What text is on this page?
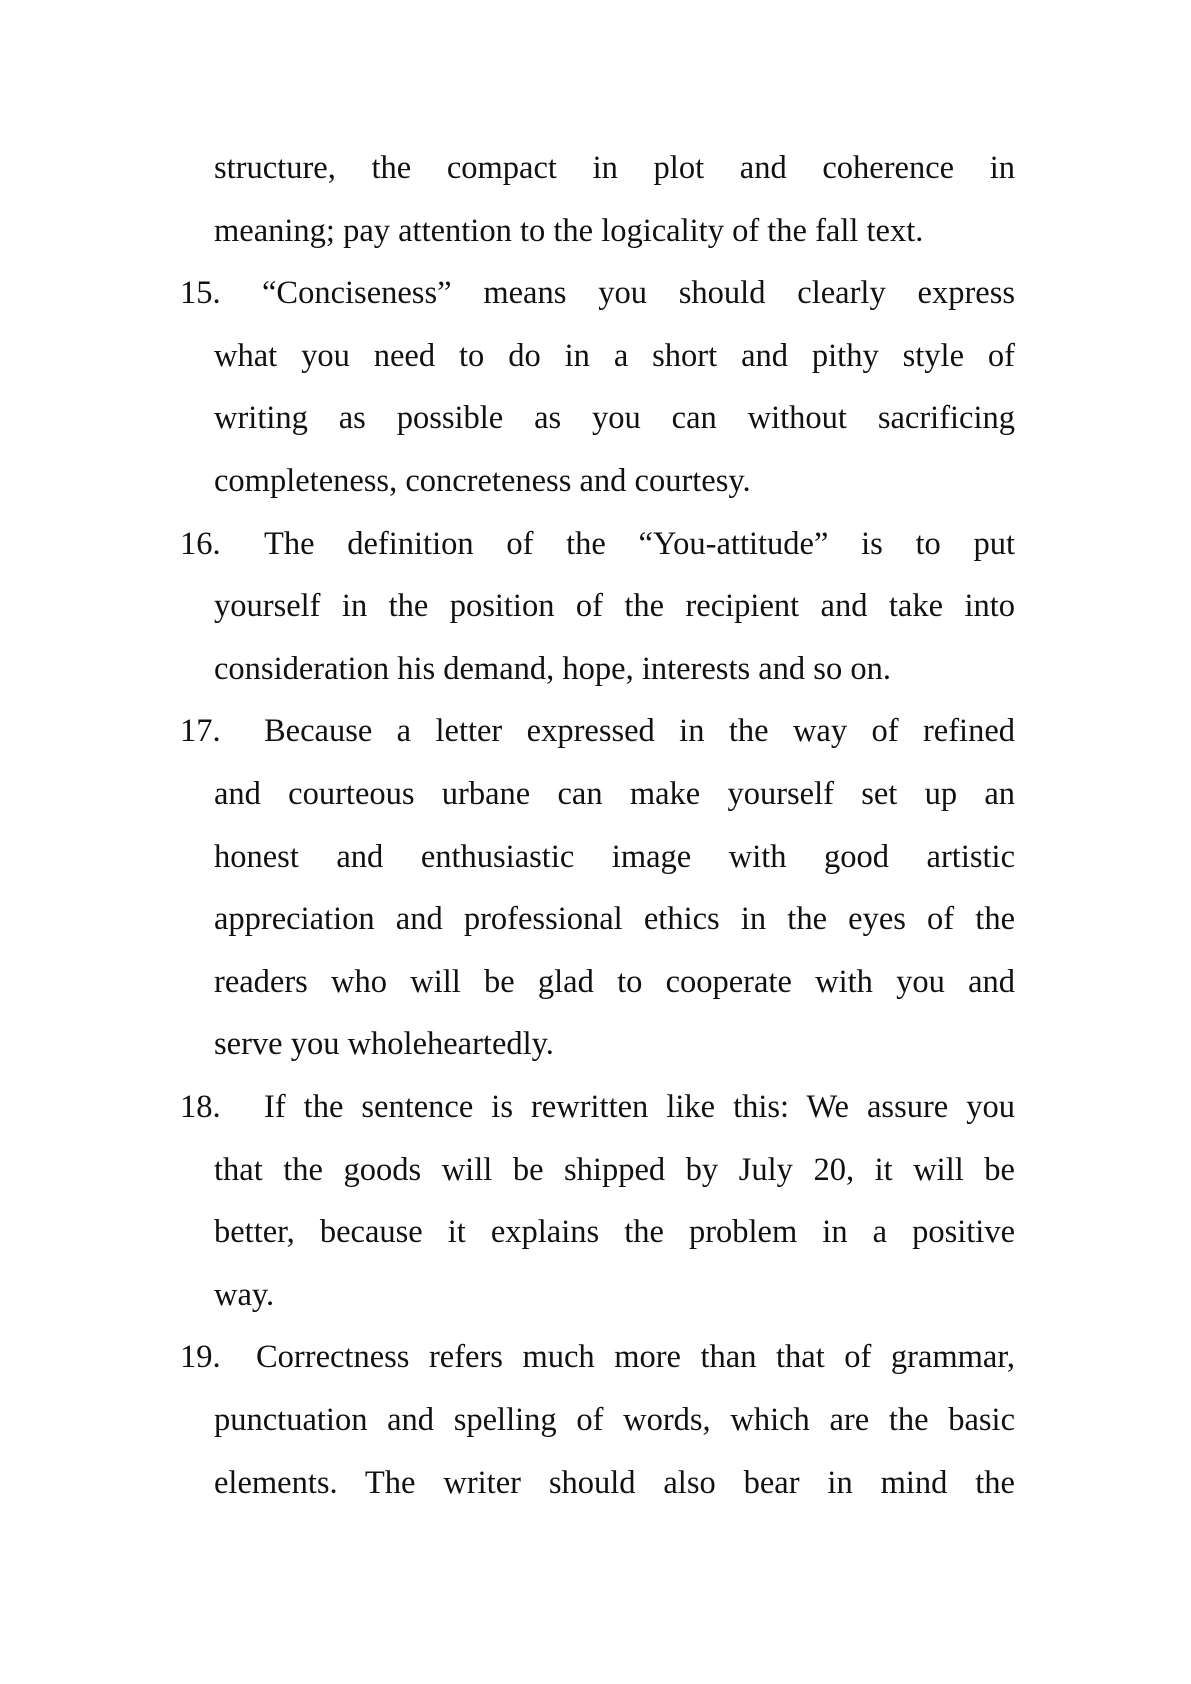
structure, the compact in plot and coherence in
meaning; pay attention to the logicality of the fall text.
15. “Conciseness” means you should clearly express
what you need to do in a short and pithy style of
writing as possible as you can without sacrificing
completeness, concreteness and courtesy.
16. The definition of the “You-attitude” is to put
yourself in the position of the recipient and take into
consideration his demand, hope, interests and so on.
17. Because a letter expressed in the way of refined
and courteous urbane can make yourself set up an
honest and enthusiastic image with good artistic
appreciation and professional ethics in the eyes of the
readers who will be glad to cooperate with you and
serve you wholeheartedly.
18. If the sentence is rewritten like this: We assure you
that the goods will be shipped by July 20, it will be
better, because it explains the problem in a positive
way.
19. Correctness refers much more than that of grammar,
punctuation and spelling of words, which are the basic
elements. The writer should also bear in mind the
